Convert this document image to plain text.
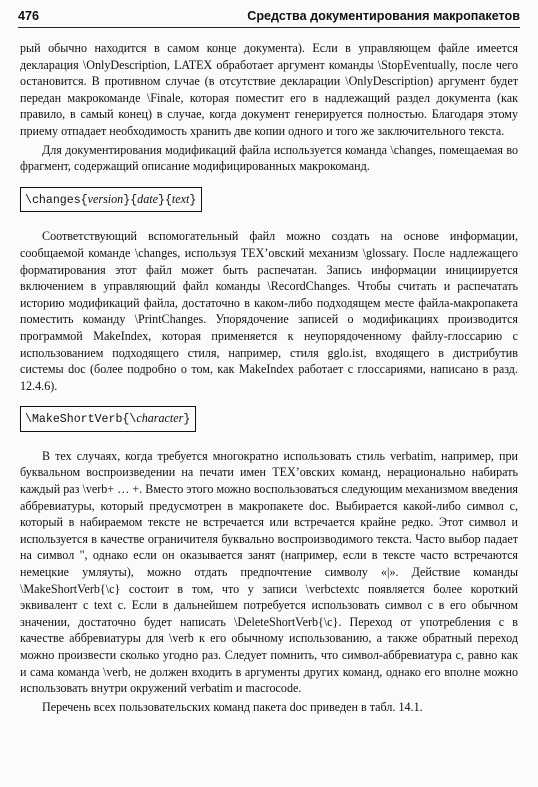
476	Средства документирования макропакетов

рый обычно находится в самом конце документа). Если в управляющем файле имеется декларация \OnlyDescription, LATEX обработает аргумент команды \StopEventually, после чего остановится. В противном случае (в отсутствие декларации \OnlyDescription) аргумент будет передан макрокоманде \Finale, которая поместит его в надлежащий раздел документа (как правило, в самый конец) в случае, когда документ генерируется полностью. Благодаря этому приему отпадает необходимость хранить две копии одного и того же заключительного текста.

Для документирования модификаций файла используется команда \changes, помещаемая во фрагмент, содержащий описание модифицированных макрокоманд.

\changes{version}{date}{text}

Соответствующий вспомогательный файл можно создать на основе информации, сообщаемой команде \changes, используя TEX’овский механизм \glossary. После надлежащего форматирования этот файл может быть распечатан. Запись информации инициируется включением в управляющий файл команды \RecordChanges. Чтобы считать и распечатать историю модификаций файла, достаточно в каком-либо подходящем месте файла-макропакета поместить команду \PrintChanges. Упорядочение записей о модификациях производится программой MakeIndex, которая применяется к неупорядоченному файлу-глоссарию с использованием подходящего стиля, например, стиля gglo.ist, входящего в дистрибутив системы doc (более подробно о том, как MakeIndex работает с глоссариями, написано в разд. 12.4.6).

\MakeShortVerb{\character}

В тех случаях, когда требуется многократно использовать стиль verbatim, например, при буквальном воспроизведении на печати имен TEX’овских команд, нерационально набирать каждый раз \verb+ … +. Вместо этого можно воспользоваться следующим механизмом введения аббревиатуры, который предусмотрен в макропакете doc. Выбирается какой-либо символ c, который в набираемом тексте не встречается или встречается крайне редко. Этот символ и используется в качестве ограничителя буквально воспроизводимого текста. Часто выбор падает на символ ", однако если он оказывается занят (например, если в тексте часто встречаются немецкие умляуты), можно отдать предпочтение символу «|». Действие команды \MakeShortVerb{\c} состоит в том, что у записи \verbctextc появляется более короткий эквивалент c text c. Если в дальнейшем потребуется использовать символ c в его обычном значении, достаточно будет написать \DeleteShortVerb{\c}. Переход от употребления c в качестве аббревиатуры для \verb к его обычному использованию, а также обратный переход можно произвести сколько угодно раз. Следует помнить, что символ-аббревиатура c, равно как и сама команда \verb, не должен входить в аргументы других команд, однако его вполне можно использовать внутри окружений verbatim и macrocode.

Перечень всех пользовательских команд пакета doc приведен в табл. 14.1.
